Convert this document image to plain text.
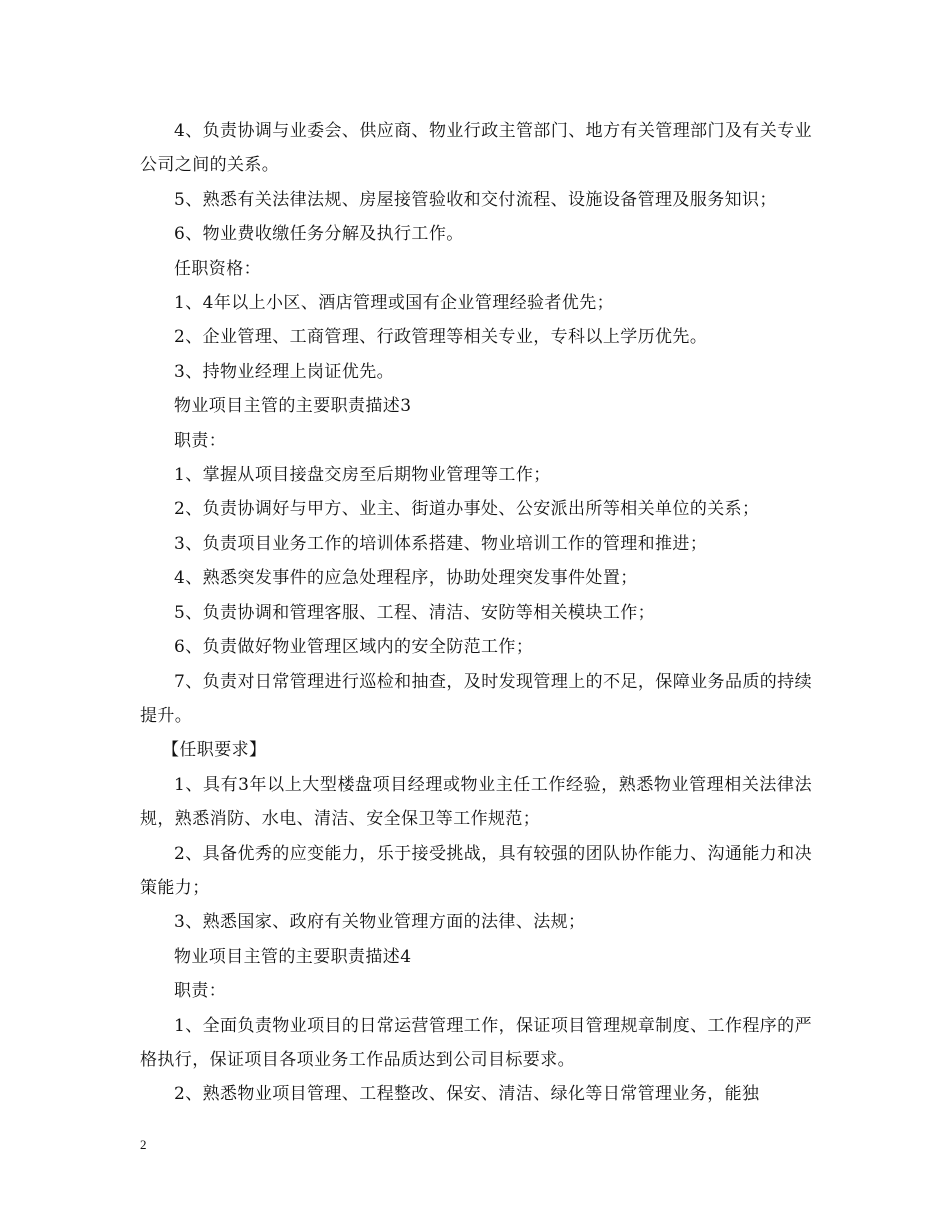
4、负责协调与业委会、供应商、物业行政主管部门、地方有关管理部门及有关专业公司之间的关系。

5、熟悉有关法律法规、房屋接管验收和交付流程、设施设备管理及服务知识；

6、物业费收缴任务分解及执行工作。

任职资格：

1、4年以上小区、酒店管理或国有企业管理经验者优先；

2、企业管理、工商管理、行政管理等相关专业，专科以上学历优先。

3、持物业经理上岗证优先。

物业项目主管的主要职责描述3

职责：

1、掌握从项目接盘交房至后期物业管理等工作；

2、负责协调好与甲方、业主、街道办事处、公安派出所等相关单位的关系；

3、负责项目业务工作的培训体系搭建、物业培训工作的管理和推进；

4、熟悉突发事件的应急处理程序，协助处理突发事件处置；

5、负责协调和管理客服、工程、清洁、安防等相关模块工作；

6、负责做好物业管理区域内的安全防范工作；

7、负责对日常管理进行巡检和抽查，及时发现管理上的不足，保障业务品质的持续提升。

【任职要求】

1、具有3年以上大型楼盘项目经理或物业主任工作经验，熟悉物业管理相关法律法规，熟悉消防、水电、清洁、安全保卫等工作规范；

2、具备优秀的应变能力，乐于接受挑战，具有较强的团队协作能力、沟通能力和决策能力；

3、熟悉国家、政府有关物业管理方面的法律、法规；

物业项目主管的主要职责描述4

职责：

1、全面负责物业项目的日常运营管理工作，保证项目管理规章制度、工作程序的严格执行，保证项目各项业务工作品质达到公司目标要求。

2、熟悉物业项目管理、工程整改、保安、清洁、绿化等日常管理业务，能独

2
